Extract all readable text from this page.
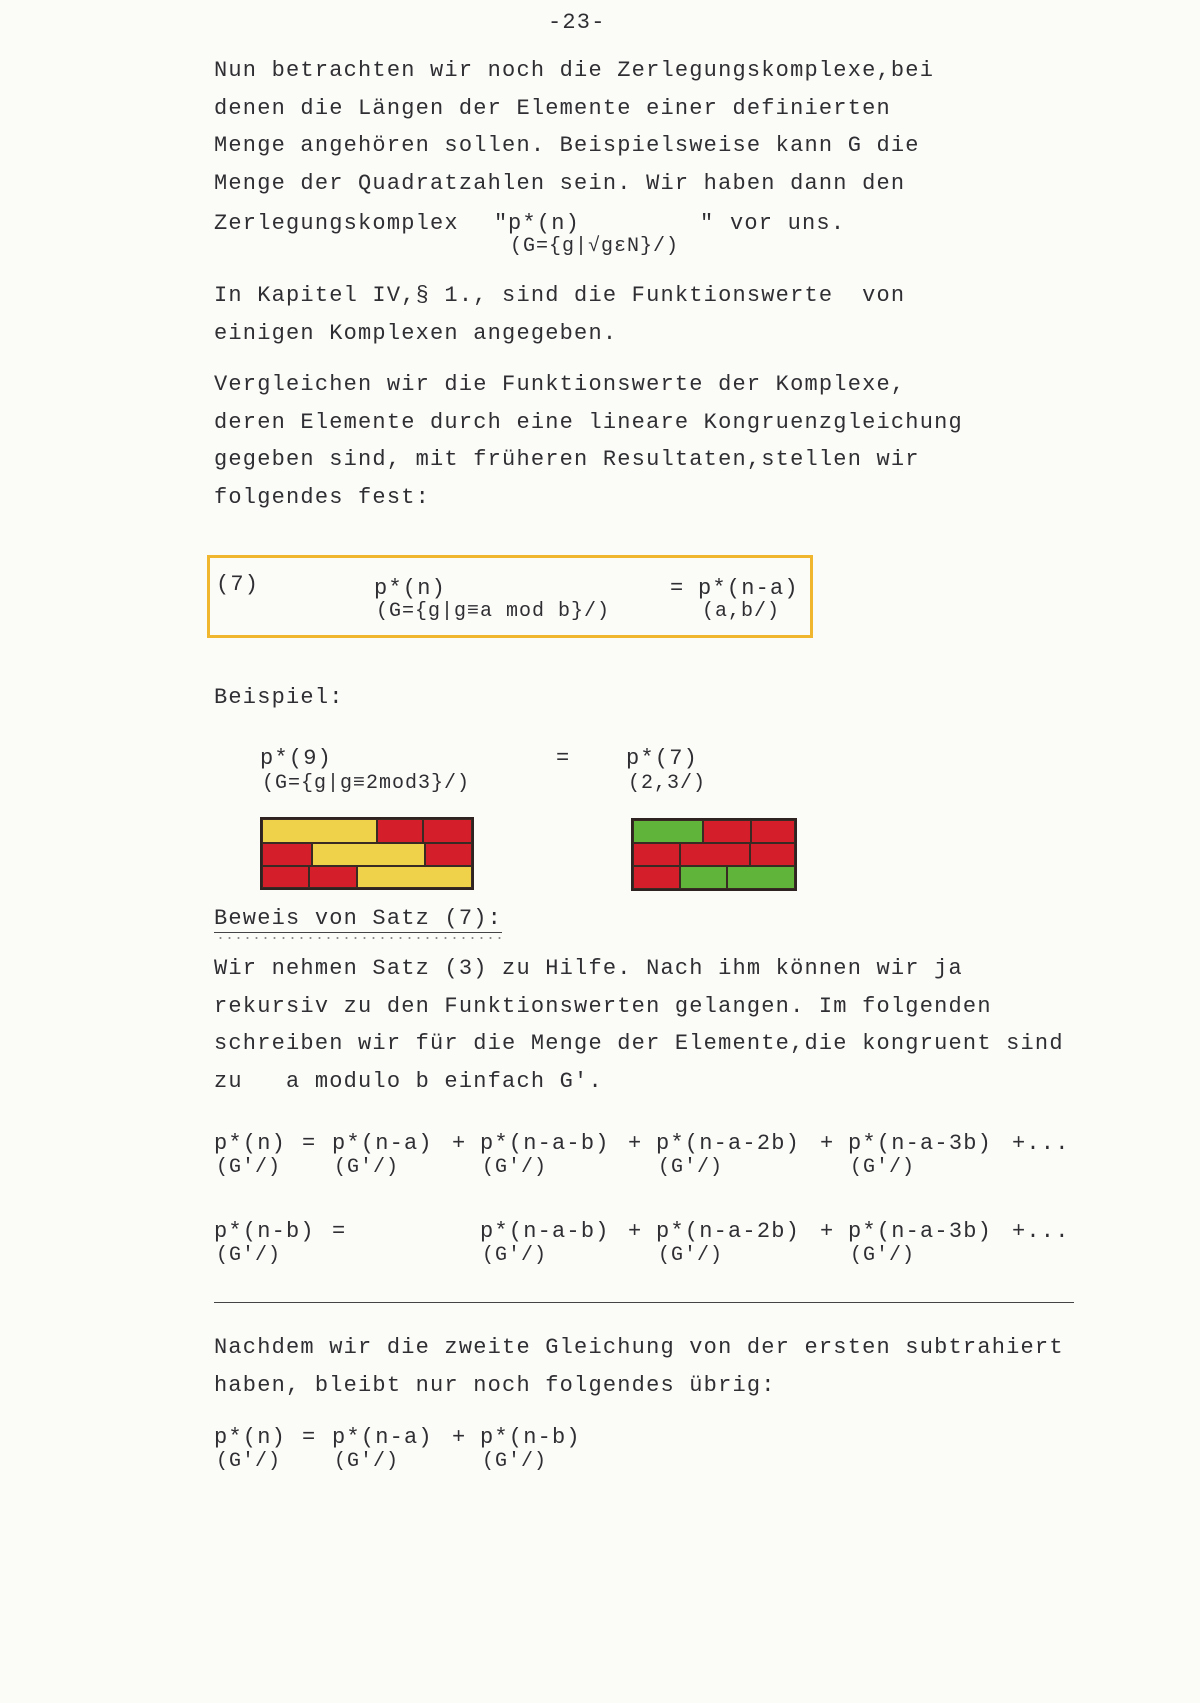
-23-
Nun betrachten wir noch die Zerlegungskomplexe,bei
denen die Längen der Elemente einer definierten
Menge angehören sollen. Beispielsweise kann G die
Menge der Quadratzahlen sein. Wir haben dann den
Zerlegungskomplex " p*(n)
(G={g|√gεN}/)
" vor uns.
In Kapitel IV,§ 1., sind die Funktionswerte  von
einigen Komplexen angegeben.
Vergleichen wir die Funktionswerte der Komplexe,
deren Elemente durch eine lineare Kongruenzgleichung
gegeben sind, mit früheren Resultaten,stellen wir
folgendes fest:
(7)	p*(n)
(G={g|g≡a mod b}/)
= p*(n-a)
(a,b/)
Beispiel:
p*(9)
(G={g|g≡2mod3}/)
=	p*(7)
(2,3/)
Beweis von Satz (7):
Wir nehmen Satz (3) zu Hilfe. Nach ihm können wir ja
rekursiv zu den Funktionswerten gelangen. Im folgenden
schreiben wir für die Menge der Elemente,die kongruent sind
zu   a modulo b einfach G'.
p*(n) = p*(n-a) + p*(n-a-b) + p*(n-a-2b) + p*(n-a-3b) +...
(G'/)	(G'/)	(G'/)	(G'/)	(G'/)
p*(n-b) =	p*(n-a-b) + p*(n-a-2b) + p*(n-a-3b) +...
(G'/)	(G'/)	(G'/)	(G'/)
Nachdem wir die zweite Gleichung von der ersten subtrahiert
haben, bleibt nur noch folgendes übrig:
p*(n) = p*(n-a) + p*(n-b)
(G'/)	(G'/)	(G'/)
